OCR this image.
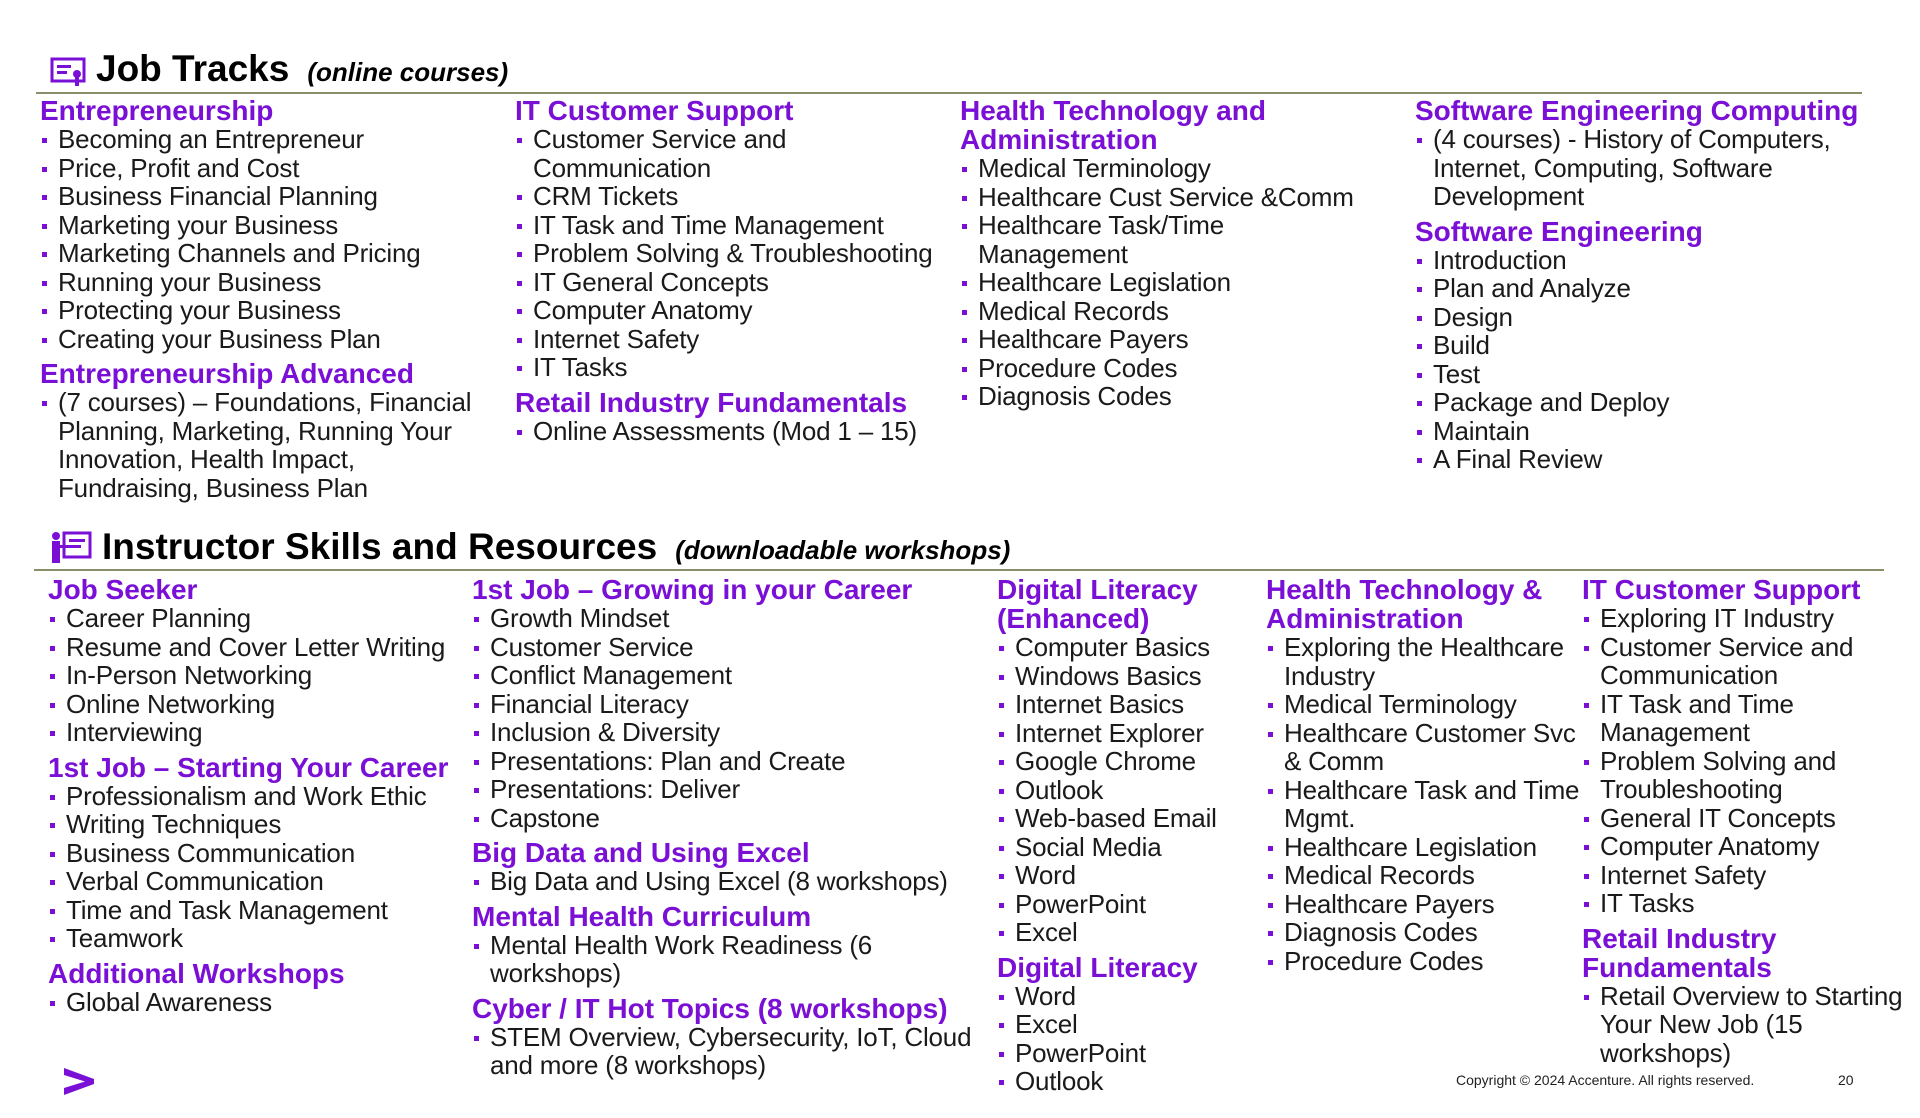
Job Tracks (online courses)
Entrepreneurship
Becoming an Entrepreneur
Price, Profit and Cost
Business Financial Planning
Marketing your Business
Marketing Channels and Pricing
Running your Business
Protecting your Business
Creating your Business Plan
Entrepreneurship Advanced
(7 courses) – Foundations, Financial Planning, Marketing, Running Your Innovation, Health Impact, Fundraising, Business Plan
IT Customer Support
Customer Service and Communication
CRM Tickets
IT Task and Time Management
Problem Solving & Troubleshooting
IT General Concepts
Computer Anatomy
Internet Safety
IT Tasks
Retail Industry Fundamentals
Online Assessments (Mod 1 – 15)
Health Technology and Administration
Medical Terminology
Healthcare Cust Service &Comm
Healthcare Task/Time Management
Healthcare Legislation
Medical Records
Healthcare Payers
Procedure Codes
Diagnosis Codes
Software Engineering Computing
(4 courses) - History of Computers, Internet, Computing, Software Development
Software Engineering
Introduction
Plan and Analyze
Design
Build
Test
Package and Deploy
Maintain
A Final Review
Instructor Skills and Resources (downloadable workshops)
Job Seeker
Career Planning
Resume and Cover Letter Writing
In-Person Networking
Online Networking
Interviewing
1st Job – Starting Your Career
Professionalism and Work Ethic
Writing Techniques
Business Communication
Verbal Communication
Time and Task Management
Teamwork
Additional Workshops
Global Awareness
1st Job – Growing in your Career
Growth Mindset
Customer Service
Conflict Management
Financial Literacy
Inclusion & Diversity
Presentations: Plan and Create
Presentations: Deliver
Capstone
Big Data and Using Excel
Big Data and Using Excel (8 workshops)
Mental Health Curriculum
Mental Health Work Readiness (6 workshops)
Cyber / IT Hot Topics (8 workshops)
STEM Overview, Cybersecurity, IoT, Cloud and more (8 workshops)
Digital Literacy (Enhanced)
Computer Basics
Windows Basics
Internet Basics
Internet Explorer
Google Chrome
Outlook
Web-based Email
Social Media
Word
PowerPoint
Excel
Digital Literacy
Word
Excel
PowerPoint
Outlook
Health Technology & Administration
Exploring the Healthcare Industry
Medical Terminology
Healthcare Customer Svc & Comm
Healthcare Task and Time Mgmt.
Healthcare Legislation
Medical Records
Healthcare Payers
Diagnosis Codes
Procedure Codes
IT Customer Support
Exploring IT Industry
Customer Service and Communication
IT Task and Time Management
Problem Solving and Troubleshooting
General IT Concepts
Computer Anatomy
Internet Safety
IT Tasks
Retail Industry Fundamentals
Retail Overview to Starting Your New Job (15 workshops)
Copyright © 2024 Accenture. All rights reserved.	20
